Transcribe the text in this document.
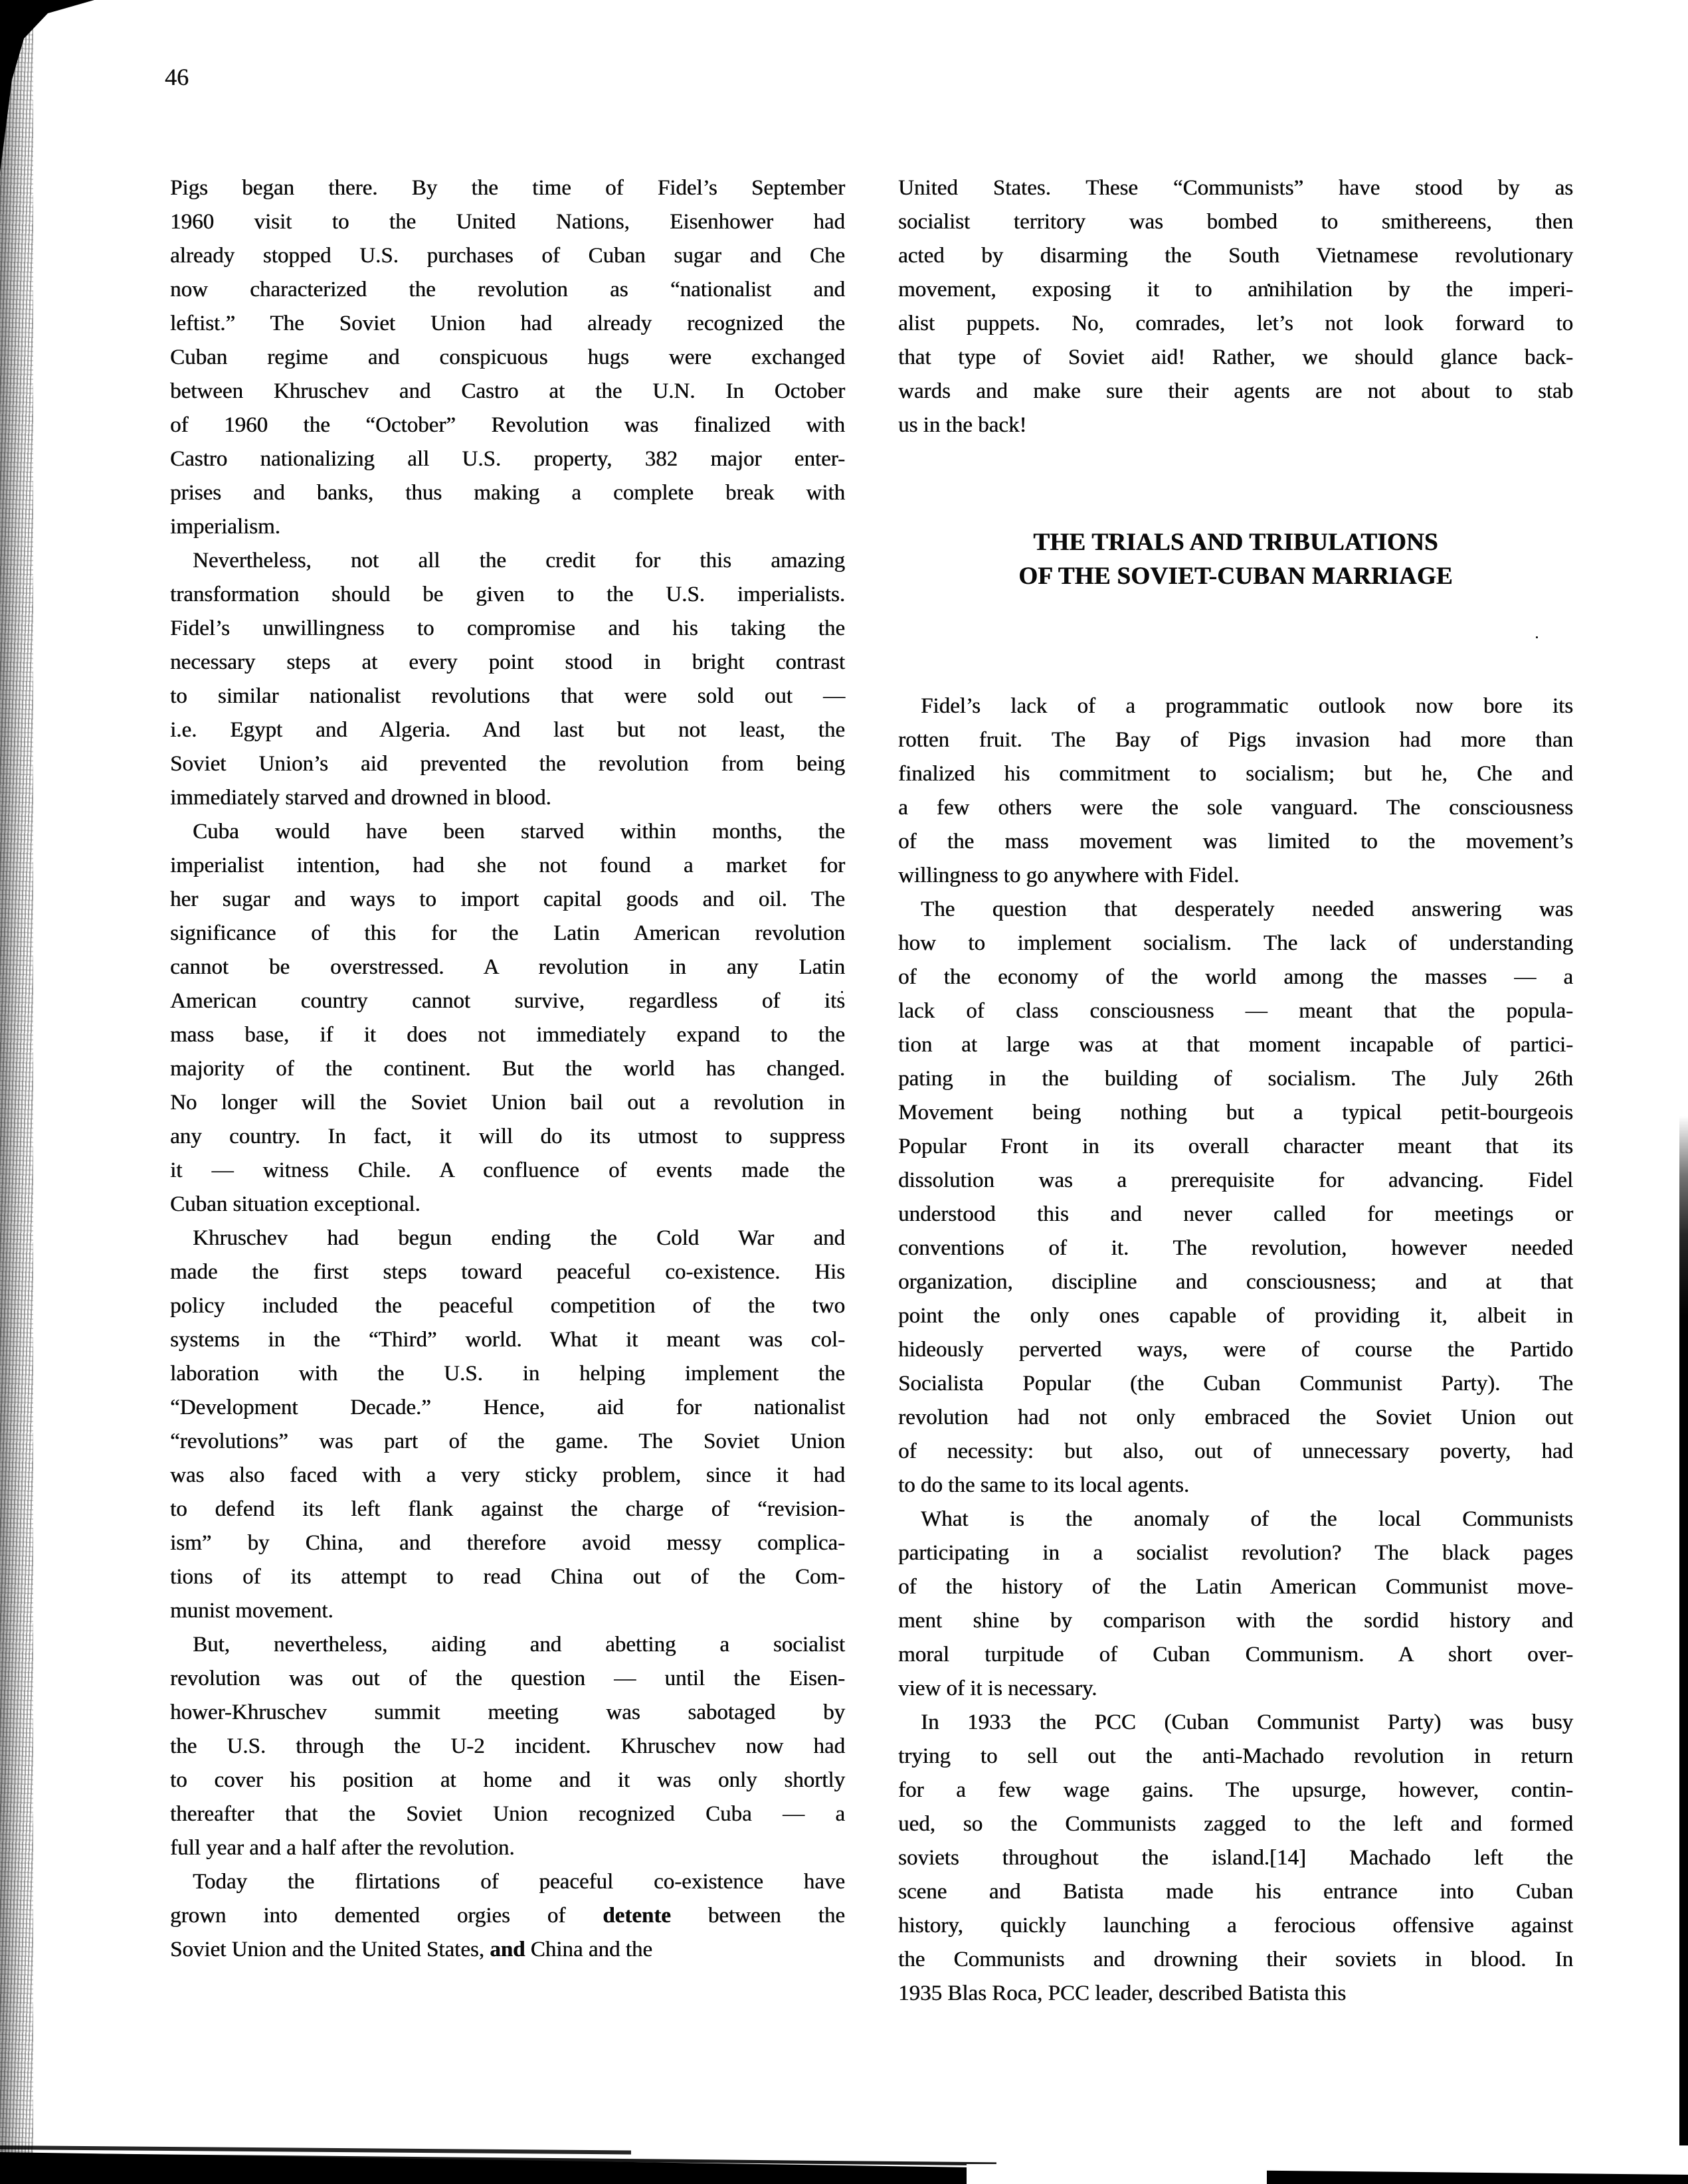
46
Pigs began there. By the time of Fidel’s September
1960 visit to the United Nations, Eisenhower had
already stopped U.S. purchases of Cuban sugar and Che
now characterized the revolution as “nationalist and
leftist.” The Soviet Union had already recognized the
Cuban regime and conspicuous hugs were exchanged
between Khruschev and Castro at the U.N. In October
of 1960 the “October” Revolution was finalized with
Castro nationalizing all U.S. property, 382 major enter-
prises and banks, thus making a complete break with
imperialism.
Nevertheless, not all the credit for this amazing
transformation should be given to the U.S. imperialists.
Fidel’s unwillingness to compromise and his taking the
necessary steps at every point stood in bright contrast
to similar nationalist revolutions that were sold out —
i.e. Egypt and Algeria. And last but not least, the
Soviet Union’s aid prevented the revolution from being
immediately starved and drowned in blood.
Cuba would have been starved within months, the
imperialist intention, had she not found a market for
her sugar and ways to import capital goods and oil. The
significance of this for the Latin American revolution
cannot be overstressed. A revolution in any Latin
American country cannot survive, regardless of its
mass base, if it does not immediately expand to the
majority of the continent. But the world has changed.
No longer will the Soviet Union bail out a revolution in
any country. In fact, it will do its utmost to suppress
it — witness Chile. A confluence of events made the
Cuban situation exceptional.
Khruschev had begun ending the Cold War and
made the first steps toward peaceful co-existence. His
policy included the peaceful competition of the two
systems in the “Third” world. What it meant was col-
laboration with the U.S. in helping implement the
“Development Decade.” Hence, aid for nationalist
“revolutions” was part of the game. The Soviet Union
was also faced with a very sticky problem, since it had
to defend its left flank against the charge of “revision-
ism” by China, and therefore avoid messy complica-
tions of its attempt to read China out of the Com-
munist movement.
But, nevertheless, aiding and abetting a socialist
revolution was out of the question — until the Eisen-
hower-Khruschev summit meeting was sabotaged by
the U.S. through the U-2 incident. Khruschev now had
to cover his position at home and it was only shortly
thereafter that the Soviet Union recognized Cuba — a
full year and a half after the revolution.
Today the flirtations of peaceful co-existence have
grown into demented orgies of detente between the
Soviet Union and the United States, and China and the
United States. These “Communists” have stood by as
socialist territory was bombed to smithereens, then
acted by disarming the South Vietnamese revolutionary
movement, exposing it to annihilation by the imperi-
alist puppets. No, comrades, let’s not look forward to
that type of Soviet aid! Rather, we should glance back-
wards and make sure their agents are not about to stab
us in the back!
THE TRIALS AND TRIBULATIONS
OF THE SOVIET-CUBAN MARRIAGE
Fidel’s lack of a programmatic outlook now bore its
rotten fruit. The Bay of Pigs invasion had more than
finalized his commitment to socialism; but he, Che and
a few others were the sole vanguard. The consciousness
of the mass movement was limited to the movement’s
willingness to go anywhere with Fidel.
The question that desperately needed answering was
how to implement socialism. The lack of understanding
of the economy of the world among the masses — a
lack of class consciousness — meant that the popula-
tion at large was at that moment incapable of partici-
pating in the building of socialism. The July 26th
Movement being nothing but a typical petit-bourgeois
Popular Front in its overall character meant that its
dissolution was a prerequisite for advancing. Fidel
understood this and never called for meetings or
conventions of it. The revolution, however needed
organization, discipline and consciousness; and at that
point the only ones capable of providing it, albeit in
hideously perverted ways, were of course the Partido
Socialista Popular (the Cuban Communist Party). The
revolution had not only embraced the Soviet Union out
of necessity: but also, out of unnecessary poverty, had
to do the same to its local agents.
What is the anomaly of the local Communists
participating in a socialist revolution? The black pages
of the history of the Latin American Communist move-
ment shine by comparison with the sordid history and
moral turpitude of Cuban Communism. A short over-
view of it is necessary.
In 1933 the PCC (Cuban Communist Party) was busy
trying to sell out the anti-Machado revolution in return
for a few wage gains. The upsurge, however, contin-
ued, so the Communists zagged to the left and formed
soviets throughout the island.[14] Machado left the
scene and Batista made his entrance into Cuban
history, quickly launching a ferocious offensive against
the Communists and drowning their soviets in blood. In
1935 Blas Roca, PCC leader, described Batista this
